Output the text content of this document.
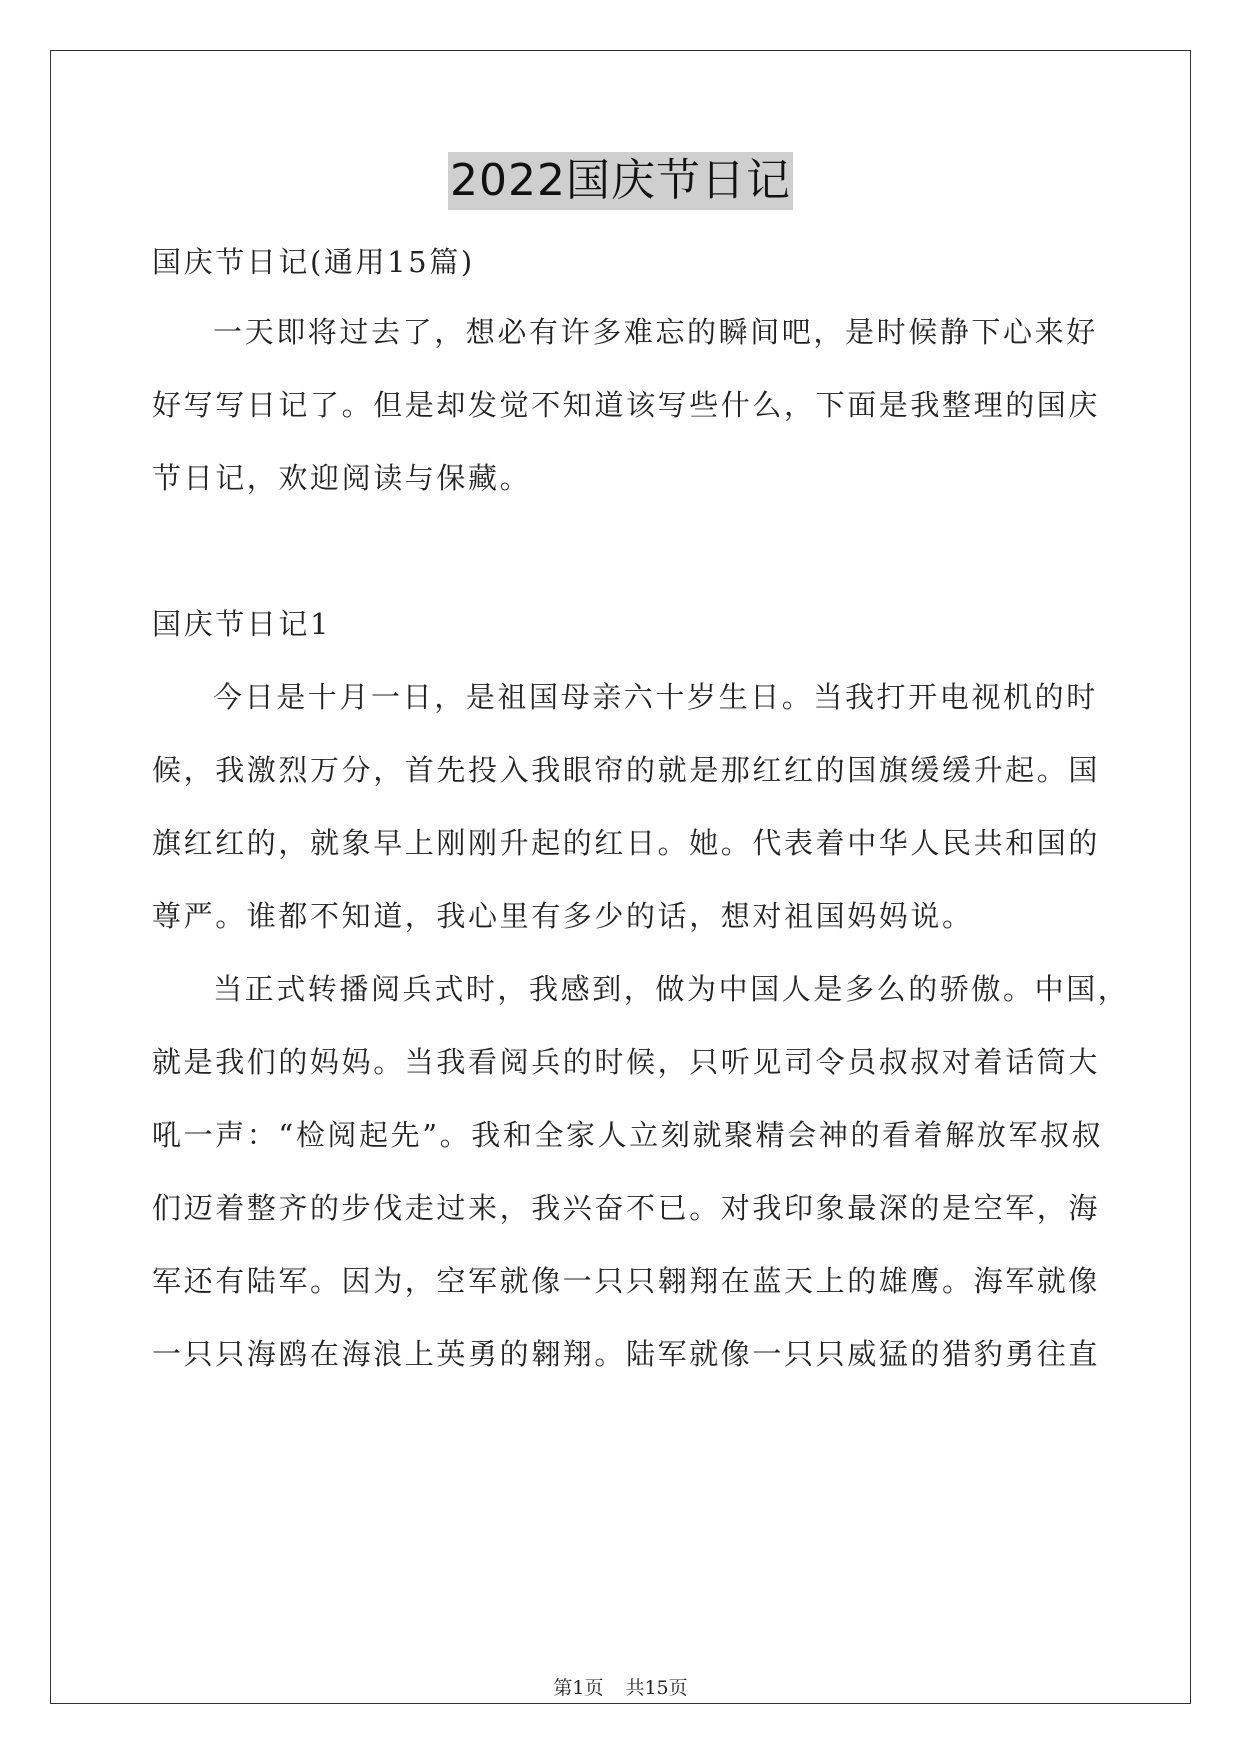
2022国庆节日记
国庆节日记(通用15篇)
一天即将过去了，想必有许多难忘的瞬间吧，是时候静下心来好
好写写日记了。但是却发觉不知道该写些什么，下面是我整理的国庆
节日记，欢迎阅读与保藏。
国庆节日记1
今日是十月一日，是祖国母亲六十岁生日。当我打开电视机的时
候，我激烈万分，首先投入我眼帘的就是那红红的国旗缓缓升起。国
旗红红的，就象早上刚刚升起的红日。她。代表着中华人民共和国的
尊严。谁都不知道，我心里有多少的话，想对祖国妈妈说。
当正式转播阅兵式时，我感到，做为中国人是多么的骄傲。中国，
就是我们的妈妈。当我看阅兵的时候，只听见司令员叔叔对着话筒大
吼一声：“检阅起先”。我和全家人立刻就聚精会神的看着解放军叔叔
们迈着整齐的步伐走过来，我兴奋不已。对我印象最深的是空军，海
军还有陆军。因为，空军就像一只只翱翔在蓝天上的雄鹰。海军就像
一只只海鸥在海浪上英勇的翱翔。陆军就像一只只威猛的猎豹勇往直
第1页 共15页
